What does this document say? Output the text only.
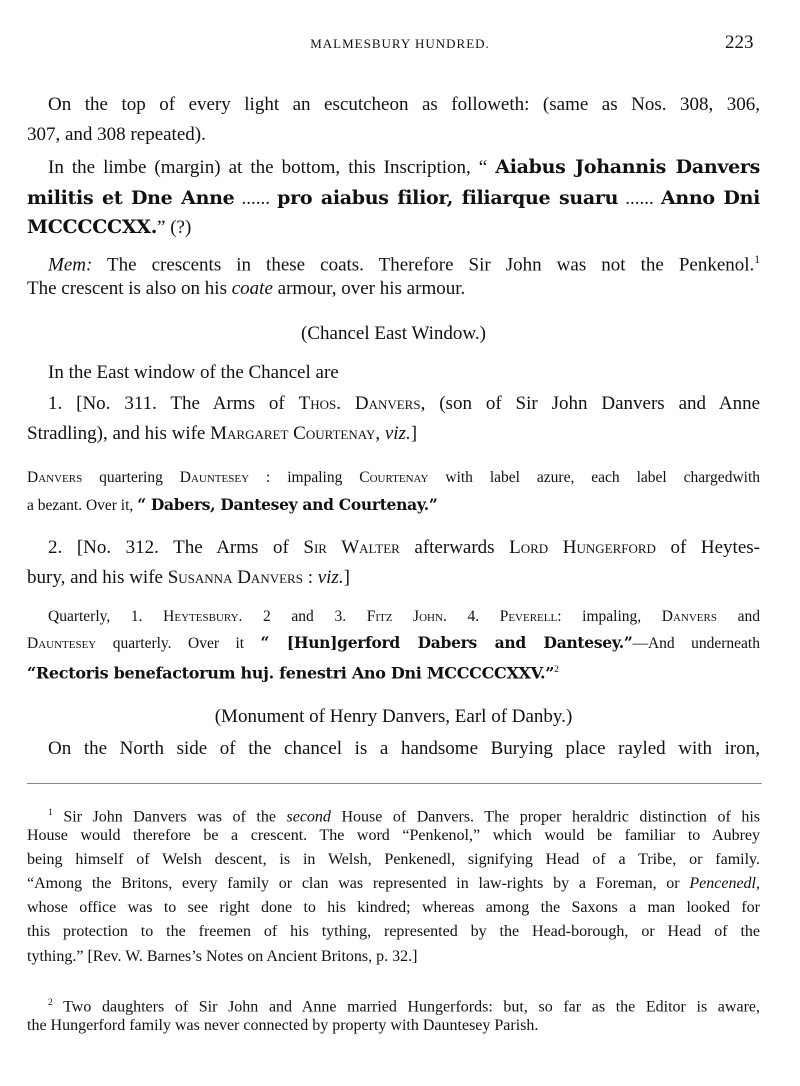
MALMESBURY HUNDRED.	223
On the top of every light an escutcheon as followeth: (same as Nos. 308, 306,
307, and 308 repeated).
In the limbe (margin) at the bottom, this Inscription, “ Aiabus Johannis Danvers
militis et Dne Anne ...... pro aiabus filior, filiarque suaru ...... Anno Dni
MCCCCCXX.” (?)
Mem: The crescents in these coats. Therefore Sir John was not the Penkenol.$^1$
The crescent is also on his coate armour, over his armour.
(Chancel East Window.)
In the East window of the Chancel are
1. [No. 311. The Arms of Thos. Danvers, (son of Sir John Danvers and Anne
Stradling), and his wife Margaret Courtenay, viz.]
Danvers quartering Dauntesey : impaling Courtenay with label azure, each label chargedwith
a bezant. Over it, “ Dabers, Dantesey and Courtenay.”
2. [No. 312. The Arms of Sir Walter afterwards Lord Hungerford of Heytes-
bury, and his wife Susanna Danvers : viz.]
Quarterly, 1. Heytesbury. 2 and 3. Fitz John. 4. Peverell: impaling, Danvers and
Dauntesey quarterly. Over it “ [Hun]gerford Dabers and Dantesey.”—And underneath
“Rectoris benefactorum huj. fenestri Ano Dni MCCCCCXXV.”$^2$
(Monument of Henry Danvers, Earl of Danby.)
On the North side of the chancel is a handsome Burying place rayled with iron,
$^1$ Sir John Danvers was of the second House of Danvers. The proper heraldric distinction of his
House would therefore be a crescent. The word “Penkenol,” which would be familiar to Aubrey
being himself of Welsh descent, is in Welsh, Penkenedl, signifying Head of a Tribe, or family.
“Among the Britons, every family or clan was represented in law-rights by a Foreman, or Pencenedl,
whose office was to see right done to his kindred; whereas among the Saxons a man looked for
this protection to the freemen of his tything, represented by the Head-borough, or Head of the
tything.” [Rev. W. Barnes’s Notes on Ancient Britons, p. 32.]
$^2$ Two daughters of Sir John and Anne married Hungerfords: but, so far as the Editor is aware,
the Hungerford family was never connected by property with Dauntesey Parish.
